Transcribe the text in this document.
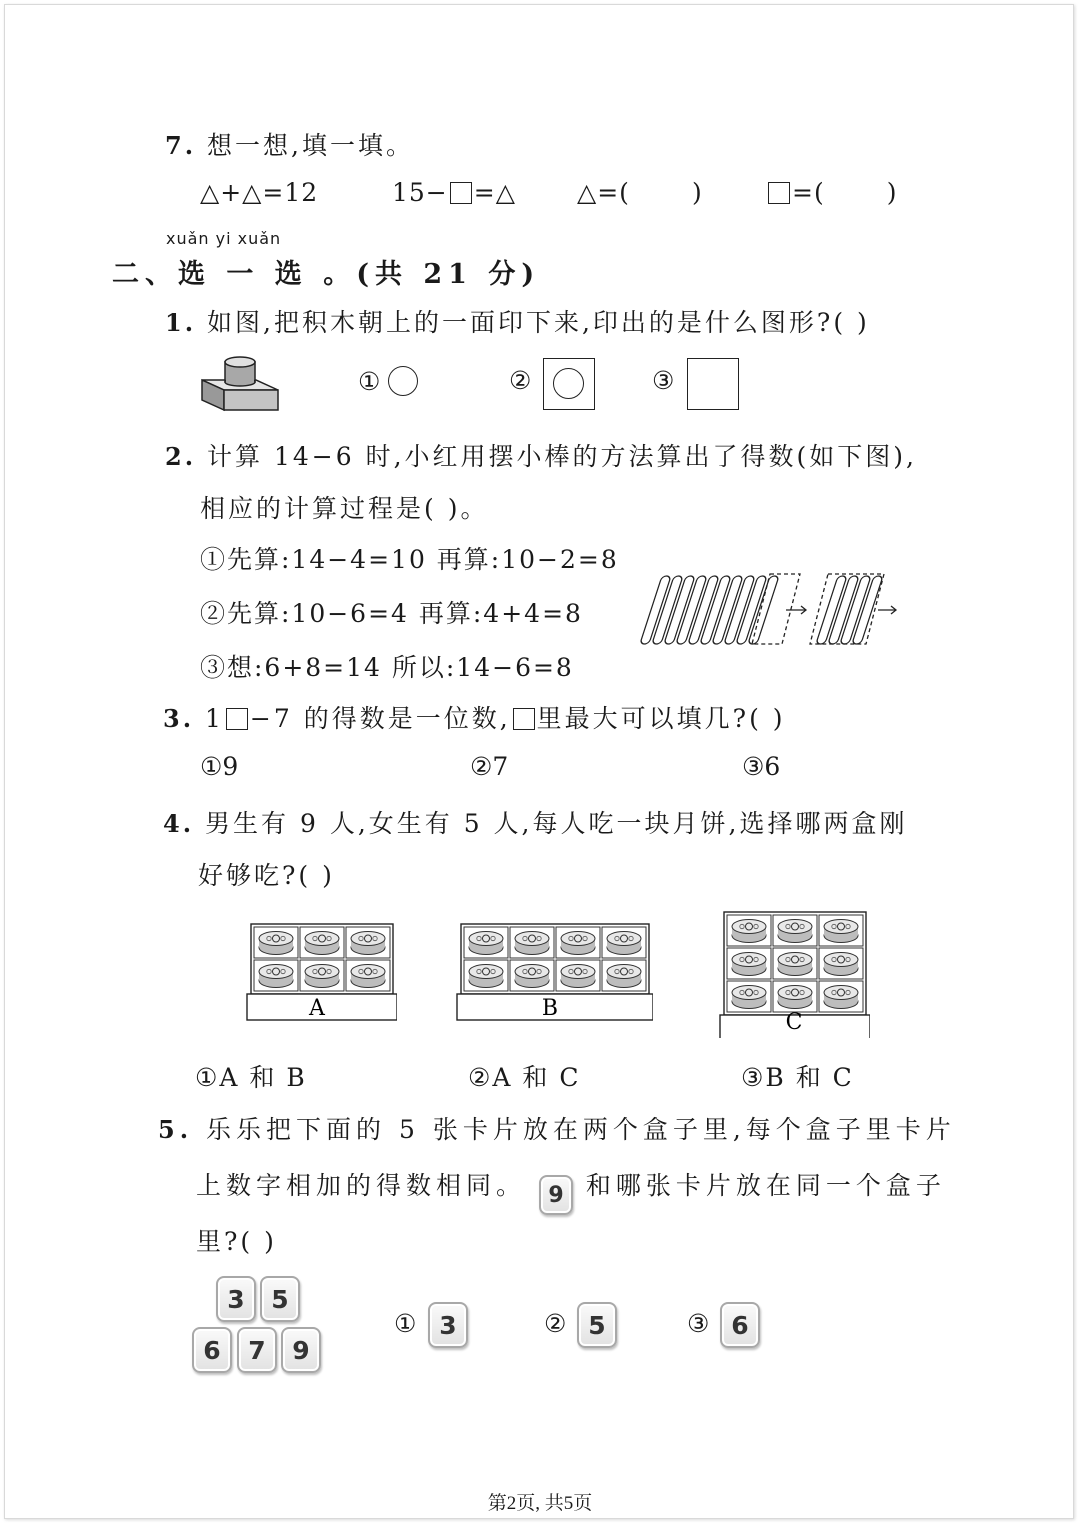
7. 想一想,填一填。
△+△=12	15− =△ △=( )	=( )
xuǎn yi xuǎn
二、选 一 选 。(共 21 分)
1. 如图,把积木朝上的一面印下来,印出的是什么图形?( )
①	②	③
2. 计算 14−6 时,小红用摆小棒的方法算出了得数(如下图),
相应的计算过程是( )。
①先算:14−4=10 再算:10−2=8
②先算:10−6=4 再算:4+4=8
③想:6+8=14 所以:14−6=8
3. 1 −7 的得数是一位数, 里最大可以填几?( )
①9	②7	③6
4. 男生有 9 人,女生有 5 人,每人吃一块月饼,选择哪两盒刚
好够吃?( )
A	B
C
①A 和 B	②A 和 C	③B 和 C
5. 乐乐把下面的 5 张卡片放在两个盒子里,每个盒子里卡片
上数字相加的得数相同。 9 和哪张卡片放在同一个盒子
里?( )
3	5
6	7	9
① 3	② 5	③ 6
第2页, 共5页
